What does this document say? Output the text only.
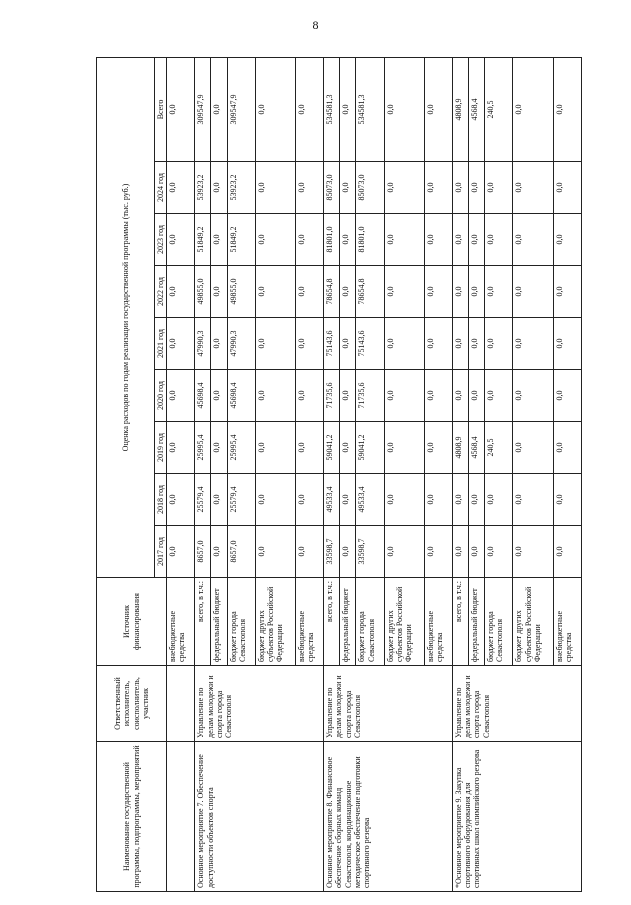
8
Наименование государственной программы, подпрограммы, мероприятий	Ответственный исполнитель, соисполнитель, участник	Источник финансирования	Оценка расходов по годам реализации государственной программы (тыс. руб.)								
			2017 год	2018 год	2019 год	2020 год	2021 год	2022 год	2023 год	2024 год	Всего
		внебюджетные средства	0,0	0,0	0,0	0,0	0,0	0,0	0,0	0,0	0,0
Основное мероприятие 7. Обеспечение доступности объектов спорта	Управление по делам молодежи и спорта города Севастополя	всего, в т.ч.:	8657,0	25579,4	25995,4	45698,4	47990,3	49855,0	51849,2	53923,2	309547,9
		федеральный бюджет	0,0	0,0	0,0	0,0	0,0	0,0	0,0	0,0	0,0
		бюджет города Севастополя	8657,0	25579,4	25995,4	45698,4	47990,3	49855,0	51849,2	53923,2	309547,9
		бюджет других субъектов Российской Федерации	0,0	0,0	0,0	0,0	0,0	0,0	0,0	0,0	0,0
		внебюджетные средства	0,0	0,0	0,0	0,0	0,0	0,0	0,0	0,0	0,0
Основное мероприятие 8. Финансовое обеспечение сборных команд Севастополя, координационное методическое обеспечение подготовки спортивного резерва	Управление по делам молодежи и спорта города Севастополя	всего, в т.ч.:	33598,7	49533,4	59041,2	71735,6	75143,6	78654,8	81801,0	85073,0	534581,3
		федеральный бюджет	0,0	0,0	0,0	0,0	0,0	0,0	0,0	0,0	0,0
		бюджет города Севастополя	33598,7	49533,4	59041,2	71735,6	75143,6	78654,8	81801,0	85073,0	534581,3
		бюджет других субъектов Российской Федерации	0,0	0,0	0,0	0,0	0,0	0,0	0,0	0,0	0,0
		внебюджетные средства	0,0	0,0	0,0	0,0	0,0	0,0	0,0	0,0	0,0
*Основное мероприятие 9. Закупка спортивного оборудования для спортивных школ олимпийского резерва	Управление по делам молодежи и спорта города Севастополя	всего, в т.ч.:	0,0	0,0	4808,9	0,0	0,0	0,0	0,0	0,0	4808,9
		федеральный бюджет	0,0	0,0	4568,4	0,0	0,0	0,0	0,0	0,0	4568,4
		бюджет города Севастополя	0,0	0,0	240,5	0,0	0,0	0,0	0,0	0,0	240,5
		бюджет других субъектов Российской Федерации	0,0	0,0	0,0	0,0	0,0	0,0	0,0	0,0	0,0
		внебюджетные средства	0,0	0,0	0,0	0,0	0,0	0,0	0,0	0,0	0,0
